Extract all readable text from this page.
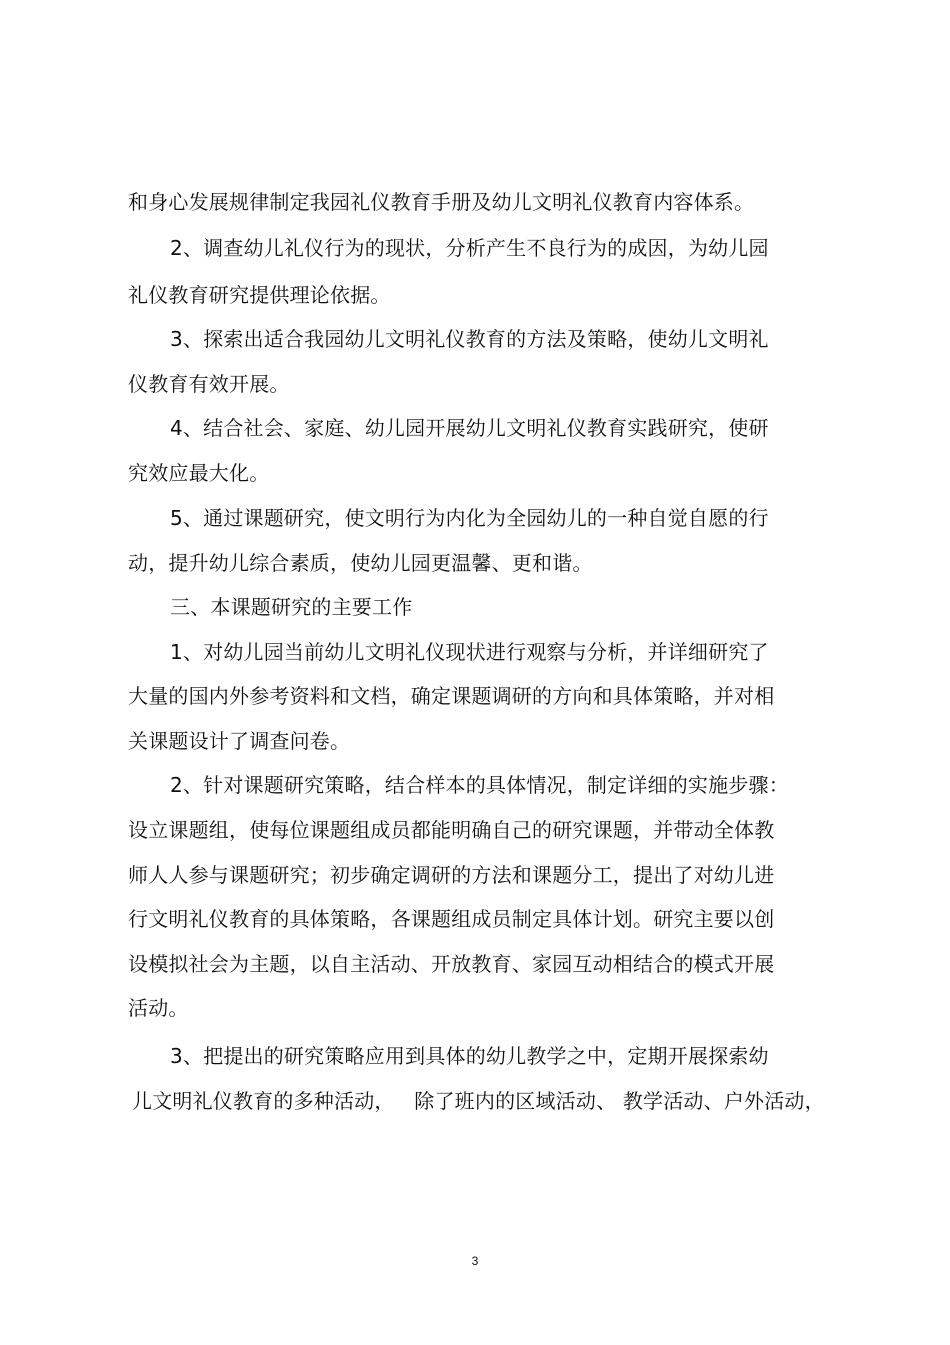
和身心发展规律制定我园礼仪教育手册及幼儿文明礼仪教育内容体系。
2、调查幼儿礼仪行为的现状，分析产生不良行为的成因，为幼儿园
礼仪教育研究提供理论依据。
3、探索出适合我园幼儿文明礼仪教育的方法及策略，使幼儿文明礼
仪教育有效开展。
4、结合社会、家庭、幼儿园开展幼儿文明礼仪教育实践研究，使研
究效应最大化。
5、通过课题研究，使文明行为内化为全园幼儿的一种自觉自愿的行
动，提升幼儿综合素质，使幼儿园更温馨、更和谐。
三、本课题研究的主要工作
1、对幼儿园当前幼儿文明礼仪现状进行观察与分析，并详细研究了
大量的国内外参考资料和文档，确定课题调研的方向和具体策略，并对相
关课题设计了调查问卷。
2、针对课题研究策略，结合样本的具体情况，制定详细的实施步骤：
设立课题组，使每位课题组成员都能明确自己的研究课题，并带动全体教
师人人参与课题研究；初步确定调研的方法和课题分工，提出了对幼儿进
行文明礼仪教育的具体策略，各课题组成员制定具体计划。研究主要以创
设模拟社会为主题，以自主活动、开放教育、家园互动相结合的模式开展
活动。
3、把提出的研究策略应用到具体的幼儿教学之中，定期开展探索幼
儿文明礼仪教育的多种活动，   除了班内的区域活动、 教学活动、户外活动，
3
